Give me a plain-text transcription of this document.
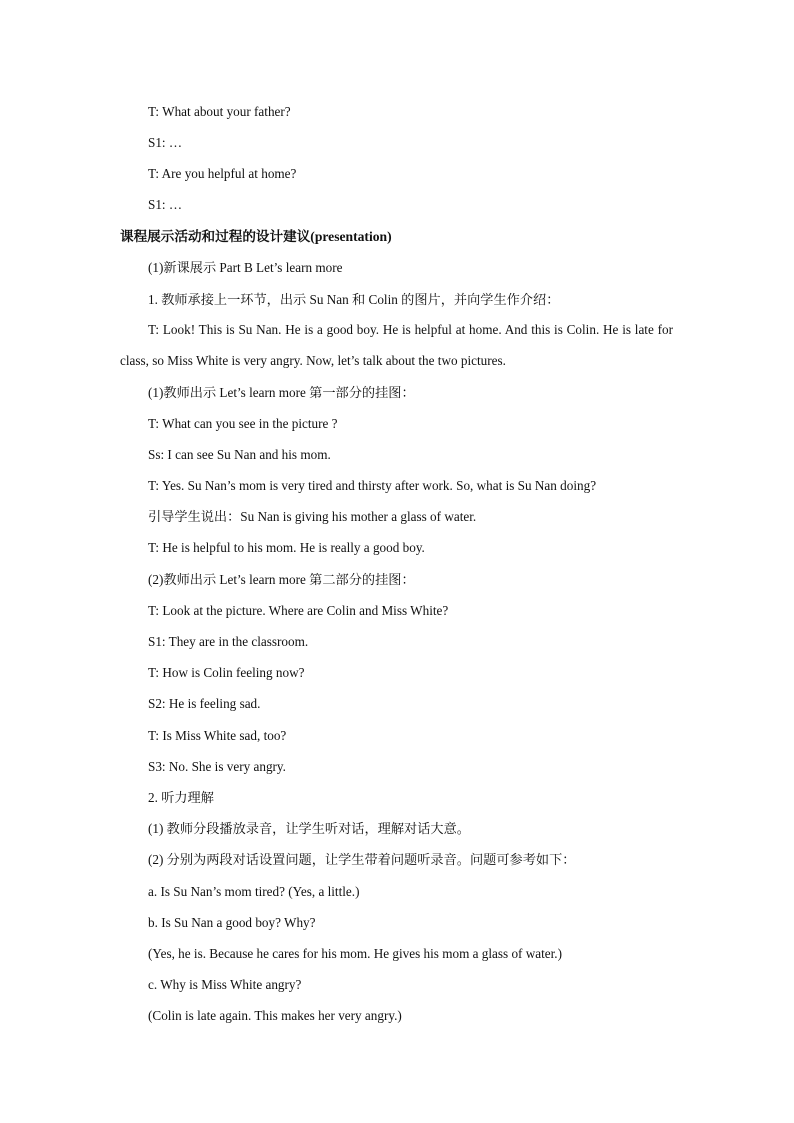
T: What about your father?
S1: …
T: Are you helpful at home?
S1: …
课程展示活动和过程的设计建议(presentation)
(1)新课展示 Part B Let’s learn more
1. 教师承接上一环节，出示 Su Nan 和 Colin 的图片，并向学生作介绍：
T: Look! This is Su Nan. He is a good boy. He is helpful at home. And this is Colin. He is late for class, so Miss White is very angry. Now, let’s talk about the two pictures.
(1)教师出示 Let’s learn more 第一部分的挂图：
T: What can you see in the picture ?
Ss: I can see Su Nan and his mom.
T: Yes. Su Nan’s mom is very tired and thirsty after work. So, what is Su Nan doing?
引导学生说出：Su Nan is giving his mother a glass of water.
T: He is helpful to his mom. He is really a good boy.
(2)教师出示 Let’s learn more 第二部分的挂图：
T: Look at the picture. Where are Colin and Miss White?
S1: They are in the classroom.
T: How is Colin feeling now?
S2: He is feeling sad.
T: Is Miss White sad, too?
S3: No. She is very angry.
2. 听力理解
(1) 教师分段播放录音，让学生听对话，理解对话大意。
(2) 分别为两段对话设置问题，让学生带着问题听录音。问题可参考如下：
a. Is Su Nan’s mom tired? (Yes, a little.)
b. Is Su Nan a good boy? Why?
(Yes, he is. Because he cares for his mom. He gives his mom a glass of water.)
c. Why is Miss White angry?
(Colin is late again. This makes her very angry.)
